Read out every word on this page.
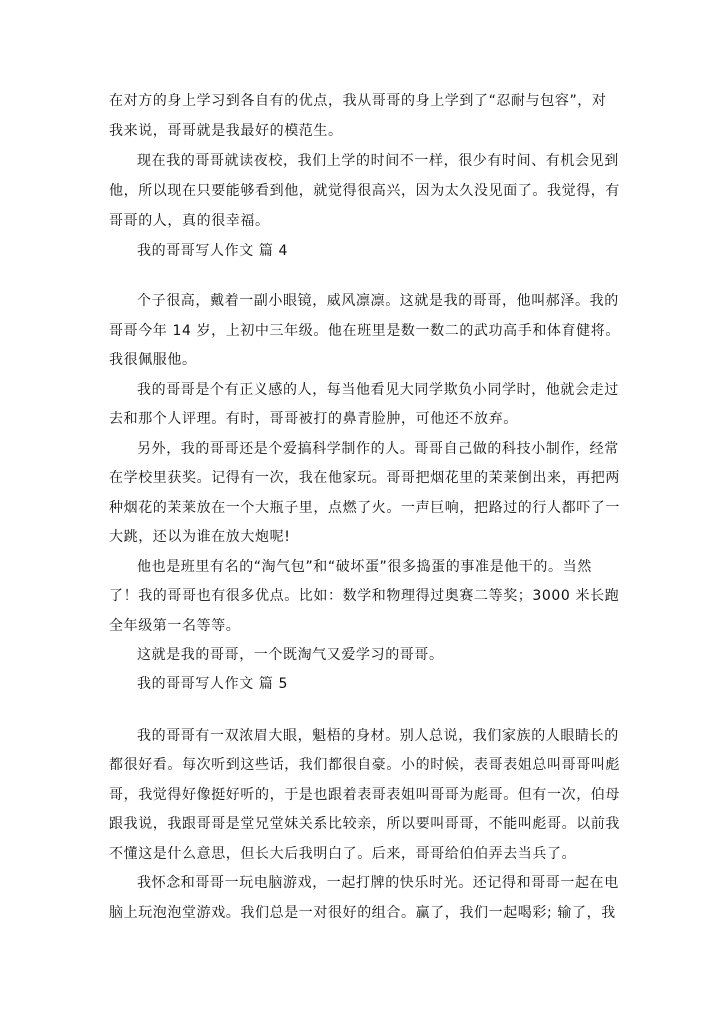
在对方的身上学习到各自有的优点，我从哥哥的身上学到了“忍耐与包容”，对
我来说，哥哥就是我最好的模范生。
现在我的哥哥就读夜校，我们上学的时间不一样，很少有时间、有机会见到
他，所以现在只要能够看到他，就觉得很高兴，因为太久没见面了。我觉得，有
哥哥的人，真的很幸福。
我的哥哥写人作文 篇 4
个子很高，戴着一副小眼镜，威风凛凛。这就是我的哥哥，他叫郝泽。我的
哥哥今年 14 岁，上初中三年级。他在班里是数一数二的武功高手和体育健将。
我很佩服他。
我的哥哥是个有正义感的人，每当他看见大同学欺负小同学时，他就会走过
去和那个人评理。有时，哥哥被打的鼻青脸肿，可他还不放弃。
另外，我的哥哥还是个爱搞科学制作的人。哥哥自己做的科技小制作，经常
在学校里获奖。记得有一次，我在他家玩。哥哥把烟花里的茉莱倒出来，再把两
种烟花的茉莱放在一个大瓶子里，点燃了火。一声巨响，把路过的行人都吓了一
大跳，还以为谁在放大炮呢!
他也是班里有名的“淘气包”和“破坏蛋”很多捣蛋的事准是他干的。当然
了！我的哥哥也有很多优点。比如：数学和物理得过奥赛二等奖；3000 米长跑
全年级第一名等等。
这就是我的哥哥，一个既淘气又爱学习的哥哥。
我的哥哥写人作文 篇 5
我的哥哥有一双浓眉大眼，魁梧的身材。别人总说，我们家族的人眼睛长的
都很好看。每次听到这些话，我们都很自豪。小的时候，表哥表姐总叫哥哥叫彪
哥，我觉得好像挺好听的，于是也跟着表哥表姐叫哥哥为彪哥。但有一次，伯母
跟我说，我跟哥哥是堂兄堂妹关系比较亲，所以要叫哥哥，不能叫彪哥。以前我
不懂这是什么意思，但长大后我明白了。后来，哥哥给伯伯弄去当兵了。
我怀念和哥哥一玩电脑游戏，一起打牌的快乐时光。还记得和哥哥一起在电
脑上玩泡泡堂游戏。我们总是一对很好的组合。赢了，我们一起喝彩; 输了，我
